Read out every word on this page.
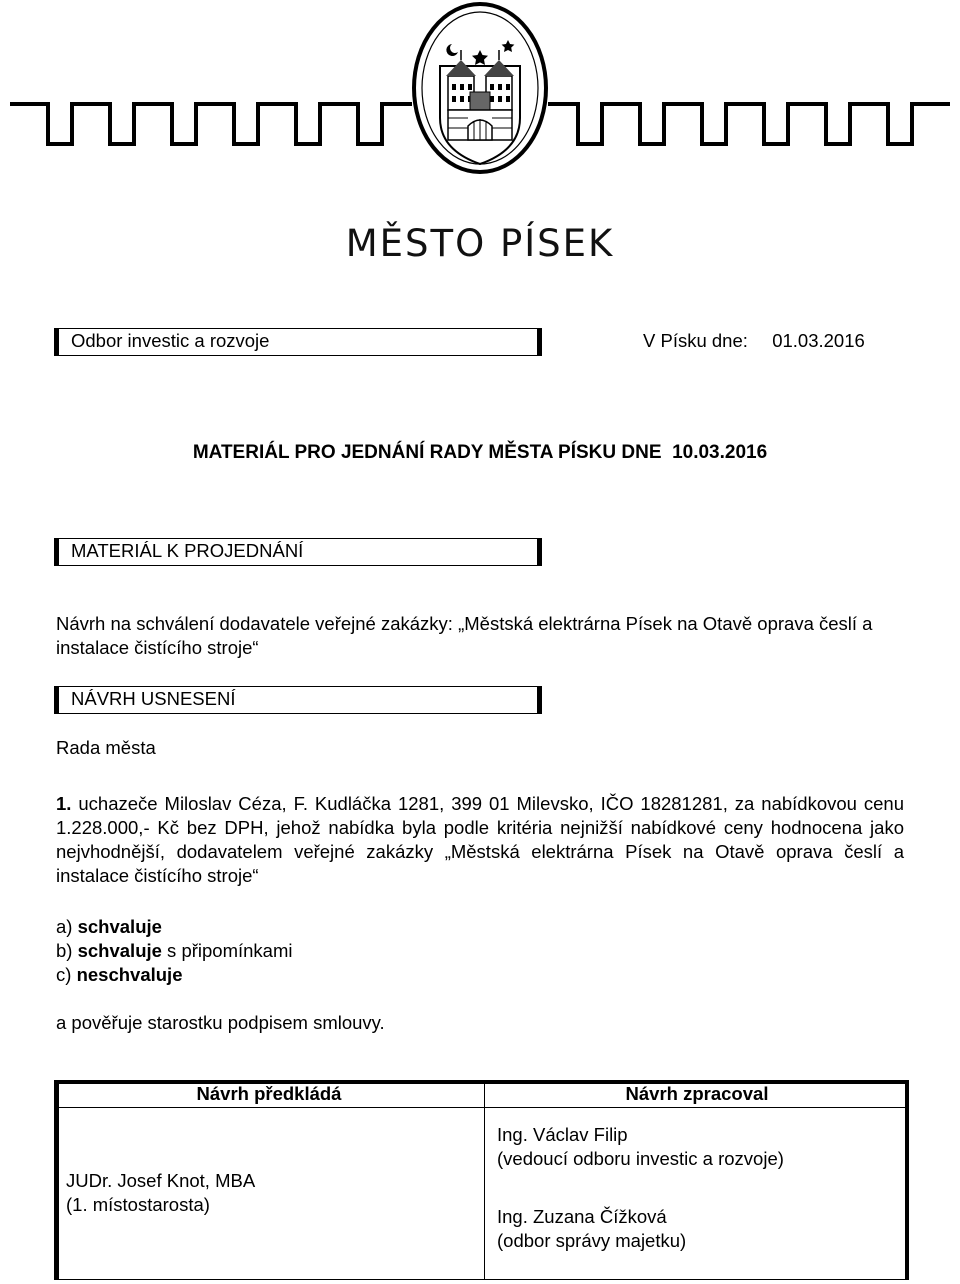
MĚSTO PÍSEK
Odbor investic a rozvoje	V Písku dne: 01.03.2016
MATERIÁL PRO JEDNÁNÍ RADY MĚSTA PÍSKU DNE  10.03.2016
MATERIÁL K PROJEDNÁNÍ
Návrh na schválení dodavatele veřejné zakázky: „Městská elektrárna Písek na Otavě oprava česlí a instalace čistícího stroje“
NÁVRH USNESENÍ
Rada města
1. uchazeče Miloslav Céza, F. Kudláčka 1281, 399 01 Milevsko, IČO 18281281, za nabídkovou cenu 1.228.000,- Kč bez DPH, jehož nabídka byla podle kritéria nejnižší nabídkové ceny hodnocena jako nejvhodnější, dodavatelem veřejné zakázky „Městská elektrárna Písek na Otavě oprava česlí a instalace čistícího stroje“
a) schvaluje
b) schvaluje s připomínkami
c) neschvaluje
a pověřuje starostku podpisem smlouvy.
Návrh předkládá	Návrh zpracoval
JUDr. Josef Knot, MBA
(1. místostarosta)
Ing. Václav Filip
(vedoucí odboru investic a rozvoje)
Ing. Zuzana Čížková
(odbor správy majetku)
